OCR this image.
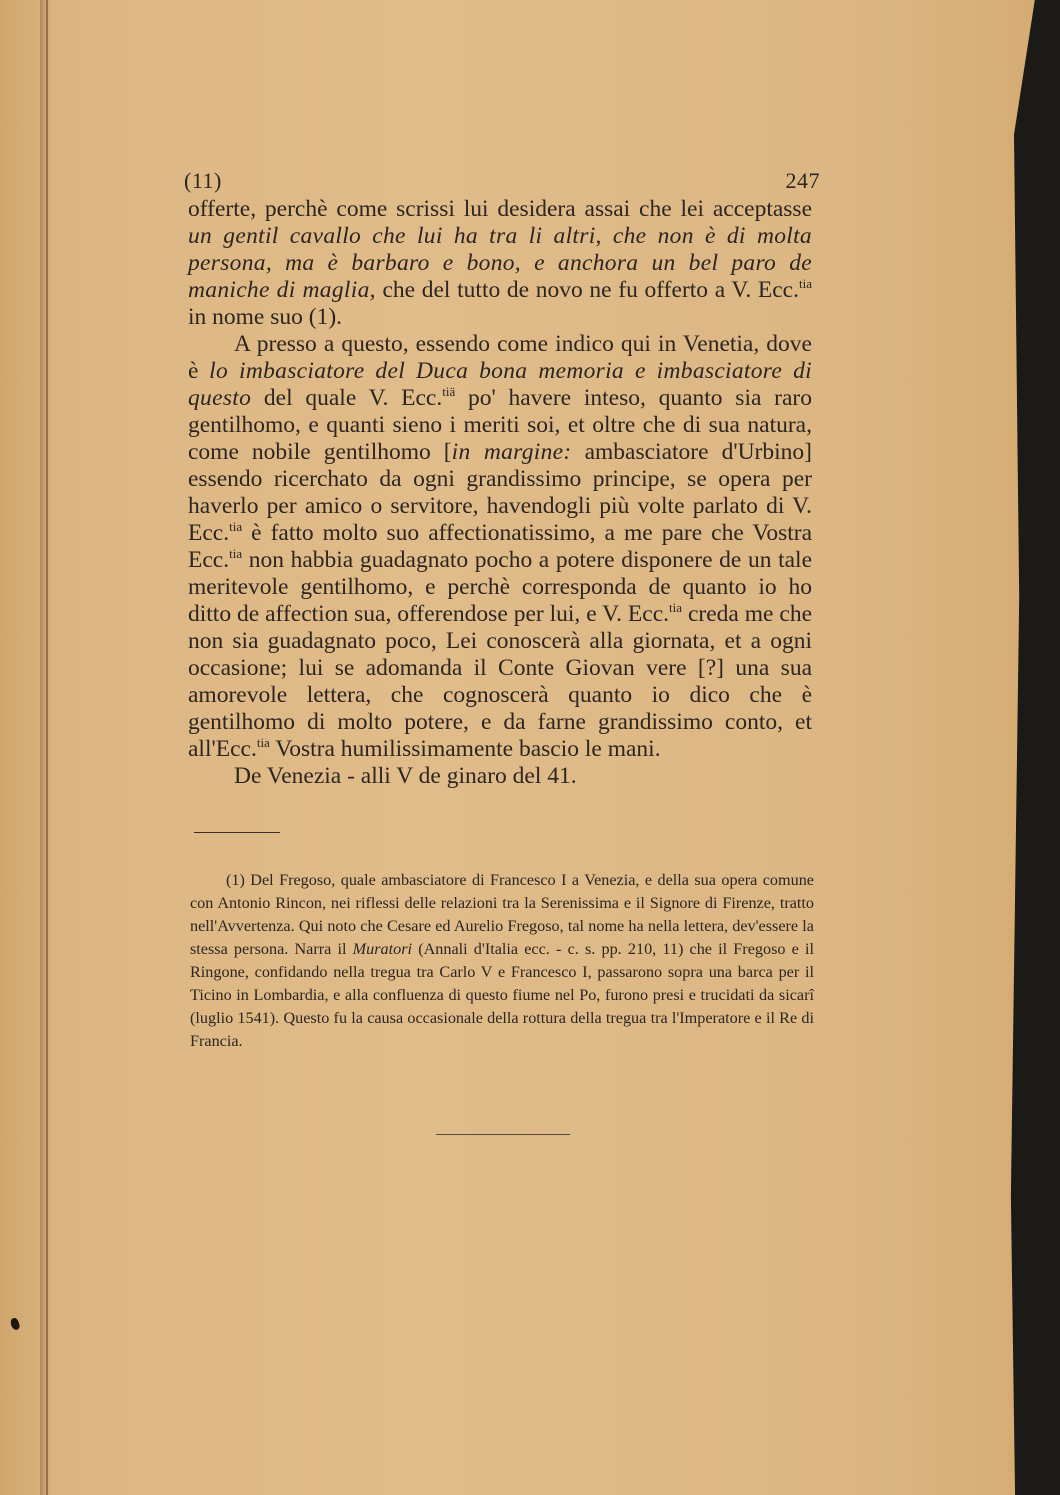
(11)	247

offerte, perchè come scrissi lui desidera assai che lei acceptasse un gentil cavallo che lui ha tra li altri, che non è di molta persona, ma è barbaro e bono, e anchora un bel paro de maniche di maglia, che del tutto de novo ne fu offerto a V. Ecc.$^{tia}$ in nome suo (1).

A presso a questo, essendo come indico qui in Venetia, dove è lo imbasciatore del Duca bona memoria e imbasciatore di questo del quale V. Ecc.$^{tiä}$ po' havere inteso, quanto sia raro gentilhomo, e quanti sieno i meriti soi, et oltre che di sua natura, come nobile gentilhomo [in margine: ambasciatore d'Urbino] essendo ricerchato da ogni grandissimo principe, se opera per haverlo per amico o servitore, havendogli più volte parlato di V. Ecc.$^{tia}$ è fatto molto suo affectionatissimo, a me pare che Vostra Ecc.$^{tia}$ non habbia guadagnato pocho a potere disponere de un tale meritevole gentilhomo, e perchè corresponda de quanto io ho ditto de affection sua, offerendose per lui, e V. Ecc.$^{tia}$ creda me che non sia guadagnato poco, Lei conoscerà alla giornata, et a ogni occasione; lui se adomanda il Conte Giovan vere [?] una sua amorevole lettera, che cognoscerà quanto io dico che è gentilhomo di molto potere, e da farne grandissimo conto, et all'Ecc.$^{tia}$ Vostra humilissimamente bascio le mani.

De Venezia - alli V de ginaro del 41.

(1) Del Fregoso, quale ambasciatore di Francesco I a Venezia, e della sua opera comune con Antonio Rincon, nei riflessi delle relazioni tra la Serenissima e il Signore di Firenze, tratto nell'Avvertenza. Qui noto che Cesare ed Aurelio Fregoso, tal nome ha nella lettera, dev'essere la stessa persona. Narra il Muratori (Annali d'Italia ecc. - c. s. pp. 210, 11) che il Fregoso e il Ringone, confidando nella tregua tra Carlo V e Francesco I, passarono sopra una barca per il Ticino in Lombardia, e alla confluenza di questo fiume nel Po, furono presi e trucidati da sicarî (luglio 1541). Questo fu la causa occasionale della rottura della tregua tra l'Imperatore e il Re di Francia.
